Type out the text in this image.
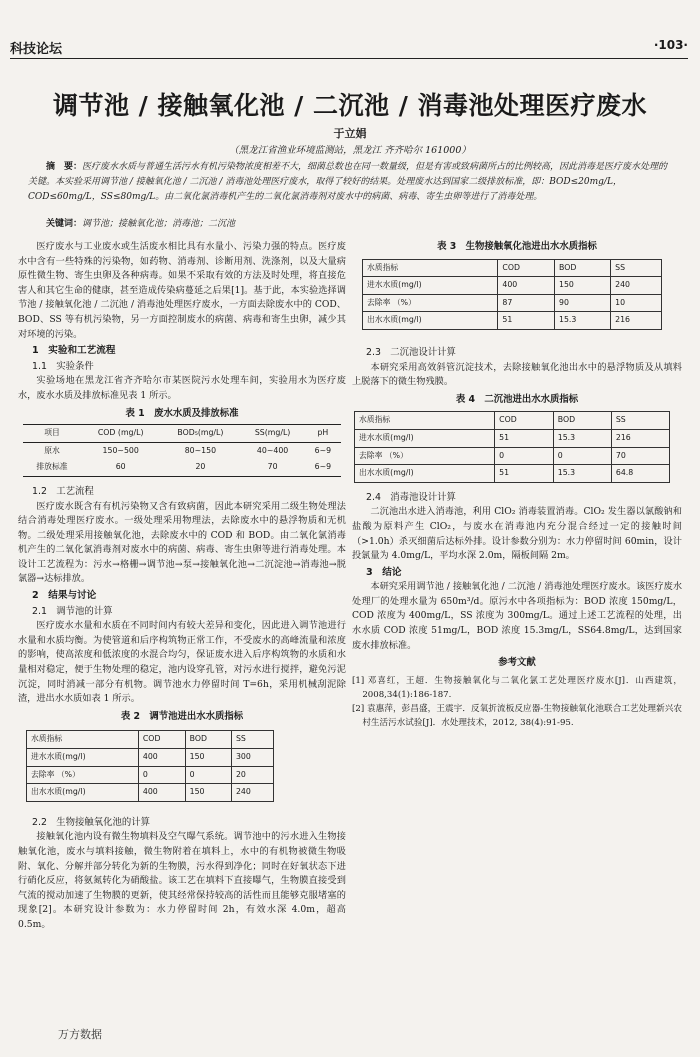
科技论坛	·103·
调节池 / 接触氧化池 / 二沉池 / 消毒池处理医疗废水
于立娟
（黑龙江省渔业环境监测站，黑龙江 齐齐哈尔 161000）
摘　要：医疗废水水质与普通生活污水有机污染物浓度相差不大，细菌总数也在同一数量级，但是有害或致病菌所占的比例较高，因此消毒是医疗废水处理的关键。本实验采用调节池 / 接触氧化池 / 二沉池 / 消毒池处理医疗废水，取得了较好的结果。处理废水达到国家二级排放标准，即：BOD≤20mg/L，COD≤60mg/L，SS≤80mg/L。由二氧化氯消毒机产生的二氧化氯消毒剂对废水中的病菌、病毒、寄生虫卵等进行了消毒处理。
关键词：调节池；接触氧化池；消毒池；二沉池

医疗废水与工业废水或生活废水相比具有水量小、污染力强的特点。医疗废水中含有一些特殊的污染物，如药物、消毒剂、诊断用剂、洗涤剂，以及大量病原性微生物、寄生虫卵及各种病毒。如果不采取有效的方法及时处理，将直接危害人和其它生命的健康，甚至造成传染病蔓延之后果[1]。基于此，本实验选择调节池 / 接触氧化池 / 二沉池 / 消毒池处理医疗废水，一方面去除废水中的 COD、BOD、SS 等有机污染物，另一方面控制废水的病菌、病毒和寄生虫卵，减少其对环境的污染。

1　实验和工艺流程
1.1　实验条件

实验场地在黑龙江省齐齐哈尔市某医院污水处理车间，实验用水为医疗废水，废水水质及排放标准见表 1 所示。

表 1　废水水质及排放标准
项目	COD (mg/L)	BOD₅(mg/L)	SS(mg/L)	pH
原水	150~500	80~150	40~400	6~9
排放标准	60	20	70	6~9
1.2　工艺流程

医疗废水既含有有机污染物又含有致病菌，因此本研究采用二级生物处理法结合消毒处理医疗废水。一级处理采用物理法，去除废水中的悬浮物质和无机物。二级处理采用接触氧化池，去除废水中的 COD 和 BOD。由二氧化氯消毒机产生的二氧化氯消毒剂对废水中的病菌、病毒、寄生虫卵等进行消毒处理。本设计工艺流程为：污水→格栅→调节池→泵→接触氧化池→二沉淀池→消毒池→脱氯器→达标排放。

2　结果与讨论
2.1　调节池的计算

医疗废水水量和水质在不同时间内有较大差异和变化，因此进入调节池进行水量和水质均衡。为使管道和后序构筑物正常工作，不受废水的高峰流量和浓度的影响，使高浓度和低浓度的水混合均匀，保证废水进入后序构筑物的水质和水量相对稳定，便于生物处理的稳定，池内设穿孔管，对污水进行搅拌，避免污泥沉淀，同时消减一部分有机物。调节池水力停留时间 T=6h，采用机械刮泥除渣，进出水水质如表 1 所示。

表 2　调节池进出水水质指标
水质指标	COD	BOD	SS
进水水质(mg/l)	400	150	300
去除率 （%）	0	0	20
出水水质(mg/l)	400	150	240
2.2　生物接触氧化池的计算

接触氧化池内设有微生物填料及空气曝气系统。调节池中的污水进入生物接触氧化池，废水与填料接触，微生物附着在填料上，水中的有机物被微生物吸附、氧化、分解并部分转化为新的生物膜，污水得到净化；同时在好氧状态下进行硝化反应，将氨氮转化为硝酸盐。该工艺在填料下直接曝气，生物膜直接受到气流的搅动加速了生物膜的更新，使其经常保持较高的活性而且能够克服堵塞的现象[2]。本研究设计参数为：水力停留时间 2h，有效水深 4.0m，超高 0.5m。

表 3　生物接触氧化池进出水水质指标
水质指标	COD	BOD	SS
进水水质(mg/l)	400	150	240
去除率 （%）	87	90	10
出水水质(mg/l)	51	15.3	216
2.3　二沉池设计计算

本研究采用高效斜管沉淀技术，去除接触氧化池出水中的悬浮物质及从填料上脱落下的微生物残膜。

表 4　二沉池进出水水质指标
水质指标	COD	BOD	SS
进水水质(mg/l)	51	15.3	216
去除率 （%）	0	0	70
出水水质(mg/l)	51	15.3	64.8
2.4　消毒池设计计算

二沉池出水进入消毒池，利用 ClO₂ 消毒装置消毒。ClO₂ 发生器以氯酸钠和盐酸为原料产生 ClO₂，与废水在消毒池内充分混合经过一定的接触时间（>1.0h）杀灭细菌后达标外排。设计参数分别为：水力停留时间 60min，设计投氯量为 4.0mg/L，平均水深 2.0m，隔板间隔 2m。

3　结论

本研究采用调节池 / 接触氧化池 / 二沉池 / 消毒池处理医疗废水。该医疗废水处理厂的处理水量为 650m³/d。原污水中各项指标为：BOD 浓度 150mg/L，COD 浓度为 400mg/L，SS 浓度为 300mg/L。通过上述工艺流程的处理，出水水质 COD 浓度 51mg/L，BOD 浓度 15.3mg/L，SS64.8mg/L，达到国家废水排放标准。

参考文献

[1] 邓喜红，王超．生物接触氧化与二氧化氯工艺处理医疗废水[J]．山西建筑，2008,34(1):186-187.

[2] 袁惠萍，彭昌盛，王震宇．反氧折流板反应器-生物接触氧化池联合工艺处理新兴农村生活污水试验[J]．水处理技术，2012, 38(4):91-95.

万方数据
